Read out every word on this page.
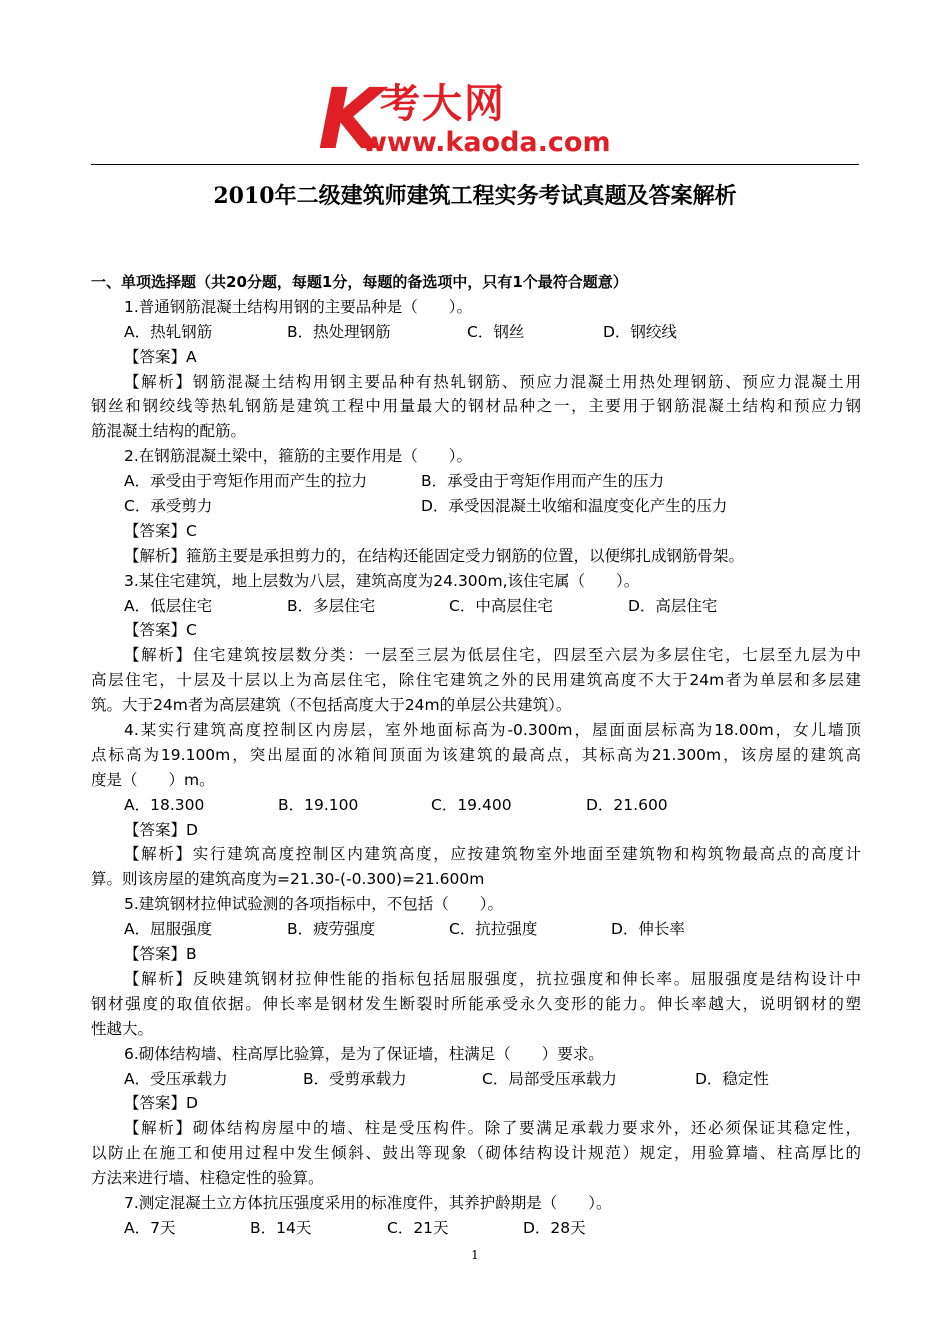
K
考大网
www.kaoda.com
2010年二级建筑师建筑工程实务考试真题及答案解析
一、单项选择题（共20分题，每题1分，每题的备选项中，只有1个最符合题意）
1.普通钢筋混凝土结构用钢的主要品种是（　　）。
A．热轧钢筋	B．热处理钢筋	C．钢丝	D．钢绞线
【答案】A
【解析】钢筋混凝土结构用钢主要品种有热轧钢筋、预应力混凝土用热处理钢筋、预应力混凝土用
钢丝和钢绞线等热轧钢筋是建筑工程中用量最大的钢材品种之一，主要用于钢筋混凝土结构和预应力钢
筋混凝土结构的配筋。
2.在钢筋混凝土梁中，箍筋的主要作用是（　　）。
A．承受由于弯矩作用而产生的拉力	B．承受由于弯矩作用而产生的压力
C．承受剪力	D．承受因混凝土收缩和温度变化产生的压力
【答案】C
【解析】箍筋主要是承担剪力的，在结构还能固定受力钢筋的位置，以便绑扎成钢筋骨架。
3.某住宅建筑，地上层数为八层，建筑高度为24.300m,该住宅属（　　）。
A．低层住宅	B．多层住宅	C．中高层住宅	D．高层住宅
【答案】C
【解析】住宅建筑按层数分类：一层至三层为低层住宅，四层至六层为多层住宅，七层至九层为中
高层住宅，十层及十层以上为高层住宅，除住宅建筑之外的民用建筑高度不大于24m者为单层和多层建
筑。大于24m者为高层建筑（不包括高度大于24m的单层公共建筑）。
4.某实行建筑高度控制区内房层，室外地面标高为-0.300m，屋面面层标高为18.00m，女儿墙顶
点标高为19.100m，突出屋面的冰箱间顶面为该建筑的最高点，其标高为21.300m，该房屋的建筑高
度是（　　）m。
A．18.300	B．19.100	C．19.400	D．21.600
【答案】D
【解析】实行建筑高度控制区内建筑高度，应按建筑物室外地面至建筑物和构筑物最高点的高度计
算。则该房屋的建筑高度为=21.30-(-0.300)=21.600m
5.建筑钢材拉伸试验测的各项指标中，不包括（　　）。
A．屈服强度	B．疲劳强度	C．抗拉强度	D．伸长率
【答案】B
【解析】反映建筑钢材拉伸性能的指标包括屈服强度，抗拉强度和伸长率。屈服强度是结构设计中
钢材强度的取值依据。伸长率是钢材发生断裂时所能承受永久变形的能力。伸长率越大，说明钢材的塑
性越大。
6.砌体结构墙、柱高厚比验算，是为了保证墙，柱满足（　　）要求。
A．受压承载力	B．受剪承载力	C．局部受压承载力	D．稳定性
【答案】D
【解析】砌体结构房屋中的墙、柱是受压构件。除了要满足承载力要求外，还必须保证其稳定性，
以防止在施工和使用过程中发生倾斜、鼓出等现象（砌体结构设计规范）规定，用验算墙、柱高厚比的
方法来进行墙、柱稳定性的验算。
7.测定混凝土立方体抗压强度采用的标准度件，其养护龄期是（　　）。
A．7天	B．14天	C．21天	D．28天
1
